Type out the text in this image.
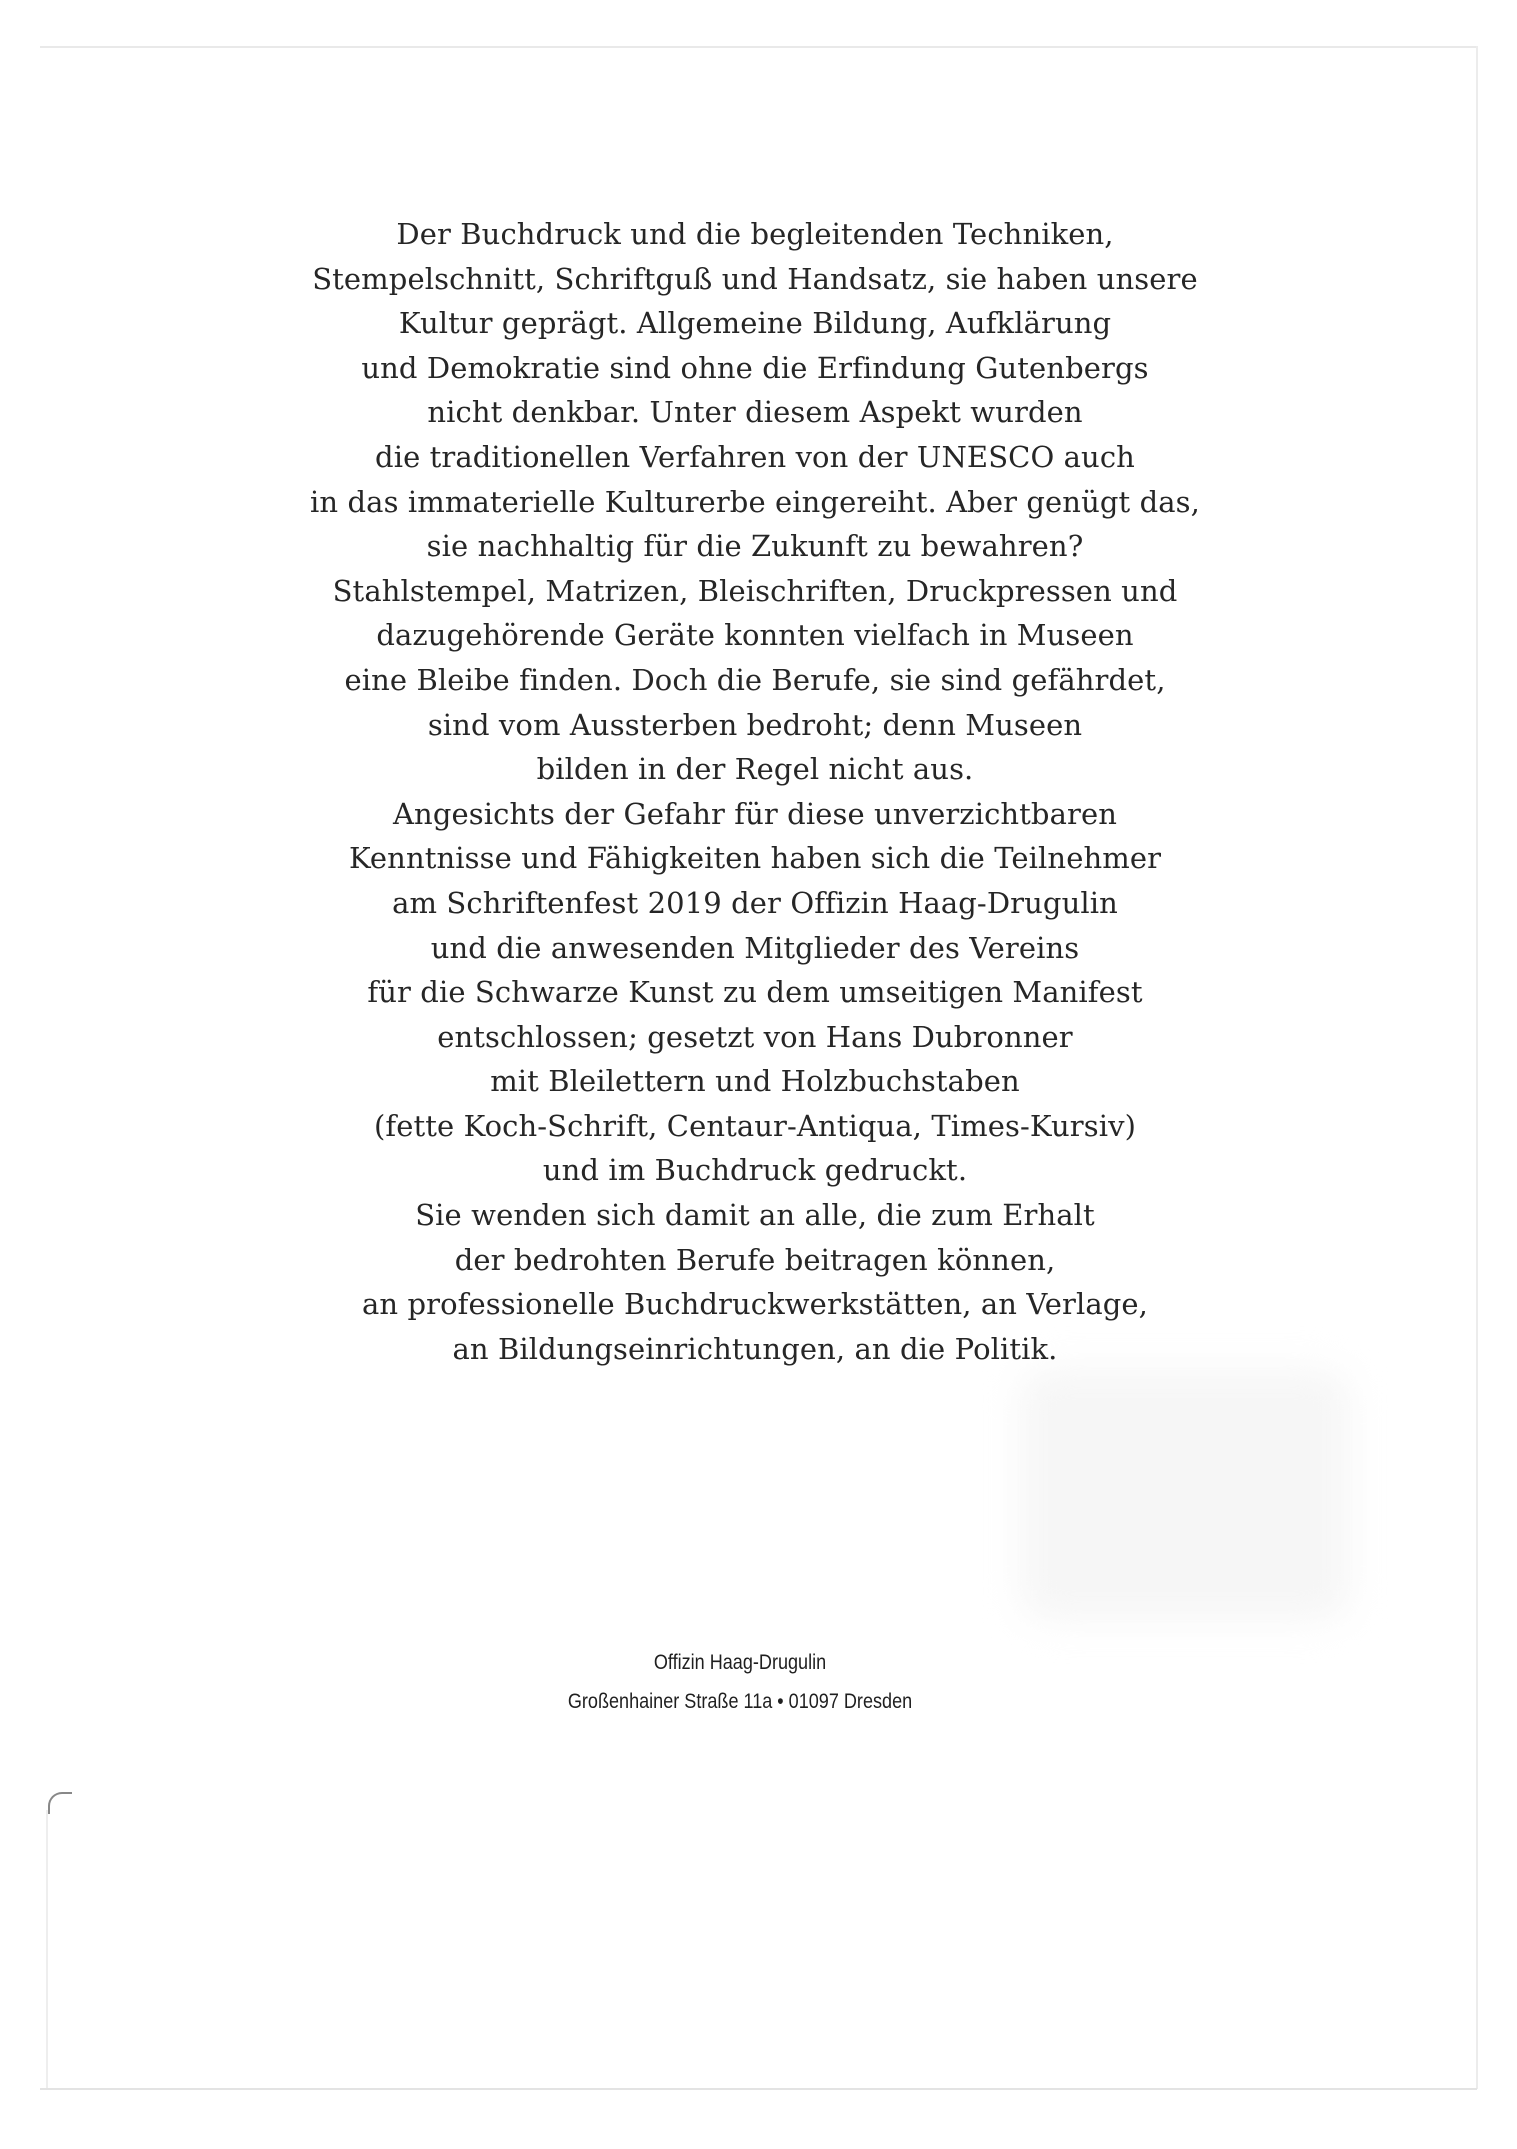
Der Buchdruck und die begleitenden Techniken,
Stempelschnitt, Schriftguß und Handsatz, sie haben unsere
Kultur geprägt. Allgemeine Bildung, Aufklärung
und Demokratie sind ohne die Erfindung Gutenbergs
nicht denkbar. Unter diesem Aspekt wurden
die traditionellen Verfahren von der UNESCO auch
in das immaterielle Kulturerbe eingereiht. Aber genügt das,
sie nachhaltig für die Zukunft zu bewahren?
Stahlstempel, Matrizen, Bleischriften, Druckpressen und
dazugehörende Geräte konnten vielfach in Museen
eine Bleibe finden. Doch die Berufe, sie sind gefährdet,
sind vom Aussterben bedroht; denn Museen
bilden in der Regel nicht aus.
Angesichts der Gefahr für diese unverzichtbaren
Kenntnisse und Fähigkeiten haben sich die Teilnehmer
am Schriftenfest 2019 der Offizin Haag-Drugulin
und die anwesenden Mitglieder des Vereins
für die Schwarze Kunst zu dem umseitigen Manifest
entschlossen; gesetzt von Hans Dubronner
mit Bleilettern und Holzbuchstaben
(fette Koch-Schrift, Centaur-Antiqua, Times-Kursiv)
und im Buchdruck gedruckt.
Sie wenden sich damit an alle, die zum Erhalt
der bedrohten Berufe beitragen können,
an professionelle Buchdruckwerkstätten, an Verlage,
an Bildungseinrichtungen, an die Politik.
Offizin Haag-Drugulin
Großenhainer Straße 11a • 01097 Dresden
